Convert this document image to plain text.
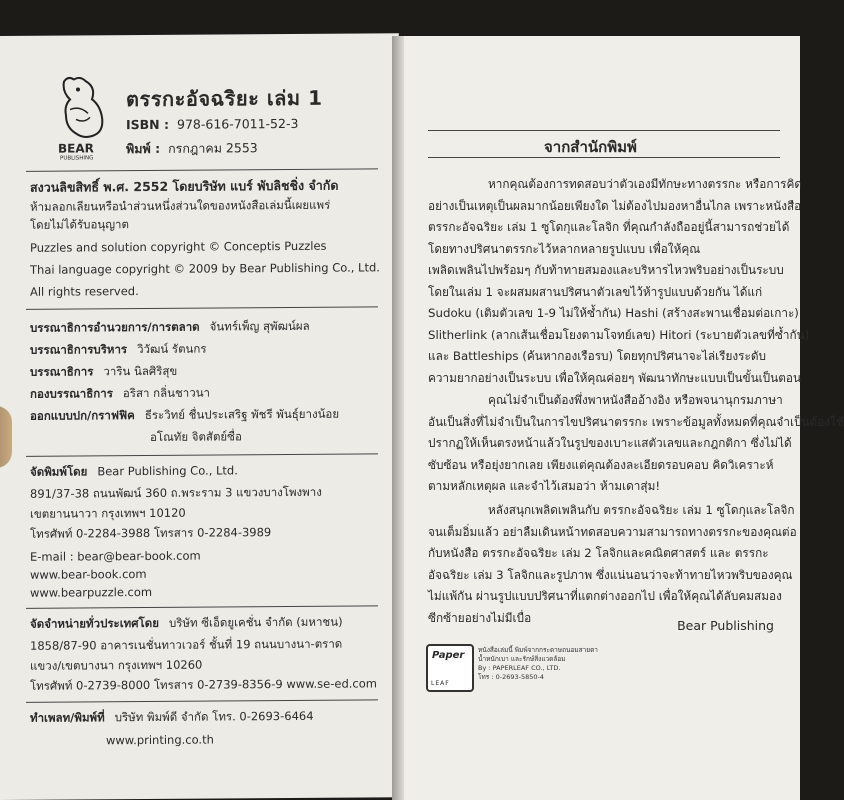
BEAR
PUBLISHING
ตรรกะอัจฉริยะ เล่ม 1
ISBN : 978-616-7011-52-3
พิมพ์ : กรกฎาคม 2553
สงวนลิขสิทธิ์ พ.ศ. 2552 โดยบริษัท แบร์ พับลิชชิ่ง จำกัด
ห้ามลอกเลียนหรือนำส่วนหนึ่งส่วนใดของหนังสือเล่มนี้เผยแพร่
โดยไม่ได้รับอนุญาต
Puzzles and solution copyright © Conceptis Puzzles
Thai language copyright © 2009 by Bear Publishing Co., Ltd.
All rights reserved.
บรรณาธิการอำนวยการ/การตลาด จันทร์เพ็ญ สุพัฒน์ผล
บรรณาธิการบริหาร วิวัฒน์ รัตนกร
บรรณาธิการ วาริน นิลศิริสุข
กองบรรณาธิการ อริสา กลิ่นชาวนา
ออกแบบปก/กราฟฟิค ธีระวิทย์ ชื่นประเสริฐ พัชรี พันธุ์ยางน้อย
อโณทัย จิตสัตย์ซื่อ
จัดพิมพ์โดย Bear Publishing Co., Ltd.
891/37-38 ถนนพัฒน์ 360 ถ.พระราม 3 แขวงบางโพงพาง
เขตยานนาวา กรุงเทพฯ 10120
โทรศัพท์ 0-2284-3988 โทรสาร 0-2284-3989
E-mail : bear@bear-book.com
www.bear-book.com
www.bearpuzzle.com
จัดจำหน่ายทั่วประเทศโดย บริษัท ซีเอ็ดยูเคชั่น จำกัด (มหาชน)
1858/87-90 อาคารเนชั่นทาวเวอร์ ชั้นที่ 19 ถนนบางนา-ตราด
แขวง/เขตบางนา กรุงเทพฯ 10260
โทรศัพท์ 0-2739-8000 โทรสาร 0-2739-8356-9 www.se-ed.com
ทำเพลท/พิมพ์ที่ บริษัท พิมพ์ดี จำกัด โทร. 0-2693-6464
www.printing.co.th
จากสำนักพิมพ์
หากคุณต้องการทดสอบว่าตัวเองมีทักษะทางตรรกะ หรือการคิด
อย่างเป็นเหตุเป็นผลมากน้อยเพียงใด ไม่ต้องไปมองหาอื่นไกล เพราะหนังสือ
ตรรกะอัจฉริยะ เล่ม 1 ซูโดกุและโลจิก ที่คุณกำลังถืออยู่นี้สามารถช่วยได้
โดยทางปริศนาตรรกะไว้หลากหลายรูปแบบ เพื่อให้คุณ
เพลิดเพลินไปพร้อมๆ กับท้าทายสมองและบริหารไหวพริบอย่างเป็นระบบ
โดยในเล่ม 1 จะผสมผสานปริศนาตัวเลขไว้ห้ารูปแบบด้วยกัน ได้แก่
Sudoku (เติมตัวเลข 1-9 ไม่ให้ซ้ำกัน) Hashi (สร้างสะพานเชื่อมต่อเกาะ)
Slitherlink (ลากเส้นเชื่อมโยงตามโจทย์เลข) Hitori (ระบายตัวเลขที่ซ้ำกัน)
และ Battleships (ค้นหากองเรือรบ) โดยทุกปริศนาจะไล่เรียงระดับ
ความยากอย่างเป็นระบบ เพื่อให้คุณค่อยๆ พัฒนาทักษะแบบเป็นขั้นเป็นตอน
คุณไม่จำเป็นต้องพึ่งพาหนังสืออ้างอิง หรือพจนานุกรมภาษา
อันเป็นสิ่งที่ไม่จำเป็นในการไขปริศนาตรรกะ เพราะข้อมูลทั้งหมดที่คุณจำเป็นต้องใช้
ปรากฏให้เห็นตรงหน้าแล้วในรูปของเบาะแสตัวเลขและกฎกติกา ซึ่งไม่ได้
ซับซ้อน หรือยุ่งยากเลย เพียงแต่คุณต้องละเอียดรอบคอบ คิดวิเคราะห์
ตามหลักเหตุผล และจำไว้เสมอว่า ห้ามเดาสุ่ม!
หลังสนุกเพลิดเพลินกับ ตรรกะอัจฉริยะ เล่ม 1 ซูโดกุและโลจิก
จนเต็มอิ่มแล้ว อย่าลืมเดินหน้าทดสอบความสามารถทางตรรกะของคุณต่อ
กับหนังสือ ตรรกะอัจฉริยะ เล่ม 2 โลจิกและคณิตศาสตร์ และ ตรรกะ
อัจฉริยะ เล่ม 3 โลจิกและรูปภาพ ซึ่งแน่นอนว่าจะท้าทายไหวพริบของคุณ
ไม่แพ้กัน ผ่านรูปแบบปริศนาที่แตกต่างออกไป เพื่อให้คุณได้ลับคมสมอง
ซีกซ้ายอย่างไม่มีเบื่อ
Bear Publishing
Paper
LEAF
หนังสือเล่มนี้ พิมพ์จากกระดาษถนอมสายตา
น้ำหนักเบา และรักษ์สิ่งแวดล้อม
By : PAPERLEAF CO., LTD.
โทร : 0-2693-5850-4
